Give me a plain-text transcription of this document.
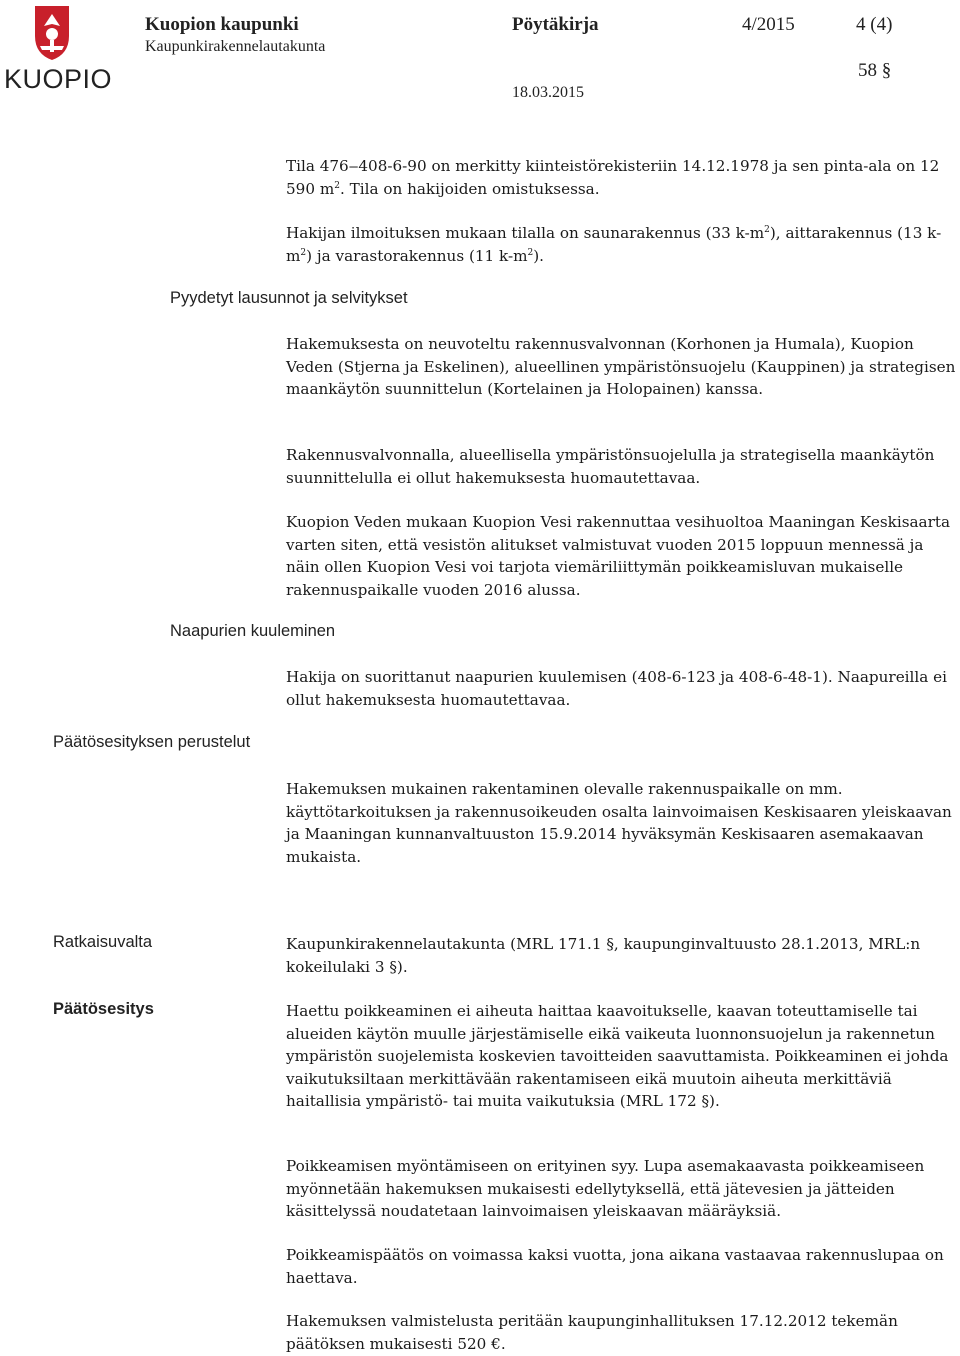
KUOPIO
Kuopion kaupunki
Kaupunkirakennelautakunta
Pöytäkirja	4/2015	4 (4)
58 §
18.03.2015

Tila 476‒408-6-90 on merkitty kiinteistörekisteriin 14.12.1978 ja sen pinta-ala on 12 590 $m^2$. Tila on hakijoiden omistuksessa.

Hakijan ilmoituksen mukaan tilalla on saunarakennus (33 $k-m^2$), aittarakennus (13 $k-m^2$) ja varastorakennus (11 $k-m^2$).

Pyydetyt lausunnot ja selvitykset

Hakemuksesta on neuvoteltu rakennusvalvonnan (Korhonen ja Humala), Kuopion Veden (Stjerna ja Eskelinen), alueellinen ympäristönsuojelu (Kauppinen) ja strategisen maankäytön suunnittelun (Kortelainen ja Holopainen) kanssa.

Rakennusvalvonnalla, alueellisella ympäristönsuojelulla ja strategisella maankäytön suunnittelulla ei ollut hakemuksesta huomautettavaa.

Kuopion Veden mukaan Kuopion Vesi rakennuttaa vesihuoltoa Maaningan Keskisaarta varten siten, että vesistön alitukset valmistuvat vuoden 2015 loppuun mennessä ja näin ollen Kuopion Vesi voi tarjota viemäriliittymän poikkeamisluvan mukaiselle rakennuspaikalle vuoden 2016 alussa.

Naapurien kuuleminen

Hakija on suorittanut naapurien kuulemisen (408-6-123 ja 408-6-48-1). Naapureilla ei ollut hakemuksesta huomautettavaa.

Päätösesityksen perustelut

Hakemuksen mukainen rakentaminen olevalle rakennuspaikalle on mm. käyttötarkoituksen ja rakennusoikeuden osalta lainvoimaisen Keskisaaren yleiskaavan ja Maaningan kunnanvaltuuston 15.9.2014 hyväksymän Keskisaaren asemakaavan mukaista.

Ratkaisuvalta	Kaupunkirakennelautakunta (MRL 171.1 §, kaupunginvaltuusto 28.1.2013, MRL:n kokeilulaki 3 §).

Päätösesitys	Haettu poikkeaminen ei aiheuta haittaa kaavoitukselle, kaavan toteuttamiselle tai alueiden käytön muulle järjestämiselle eikä vaikeuta luonnonsuojelun ja rakennetun ympäristön suojelemista koskevien tavoitteiden saavuttamista. Poikkeaminen ei johda vaikutuksiltaan merkittävään rakentamiseen eikä muutoin aiheuta merkittäviä haitallisia ympäristö- tai muita vaikutuksia (MRL 172 §).

Poikkeamisen myöntämiseen on erityinen syy. Lupa asemakaavasta poikkeamiseen myönnetään hakemuksen mukaisesti edellytyksellä, että jätevesien ja jätteiden käsittelyssä noudatetaan lainvoimaisen yleiskaavan määräyksiä.

Poikkeamispäätös on voimassa kaksi vuotta, jona aikana vastaavaa rakennuslupaa on haettava.

Hakemuksen valmistelusta peritään kaupunginhallituksen 17.12.2012 tekemän päätöksen mukaisesti 520 €.
